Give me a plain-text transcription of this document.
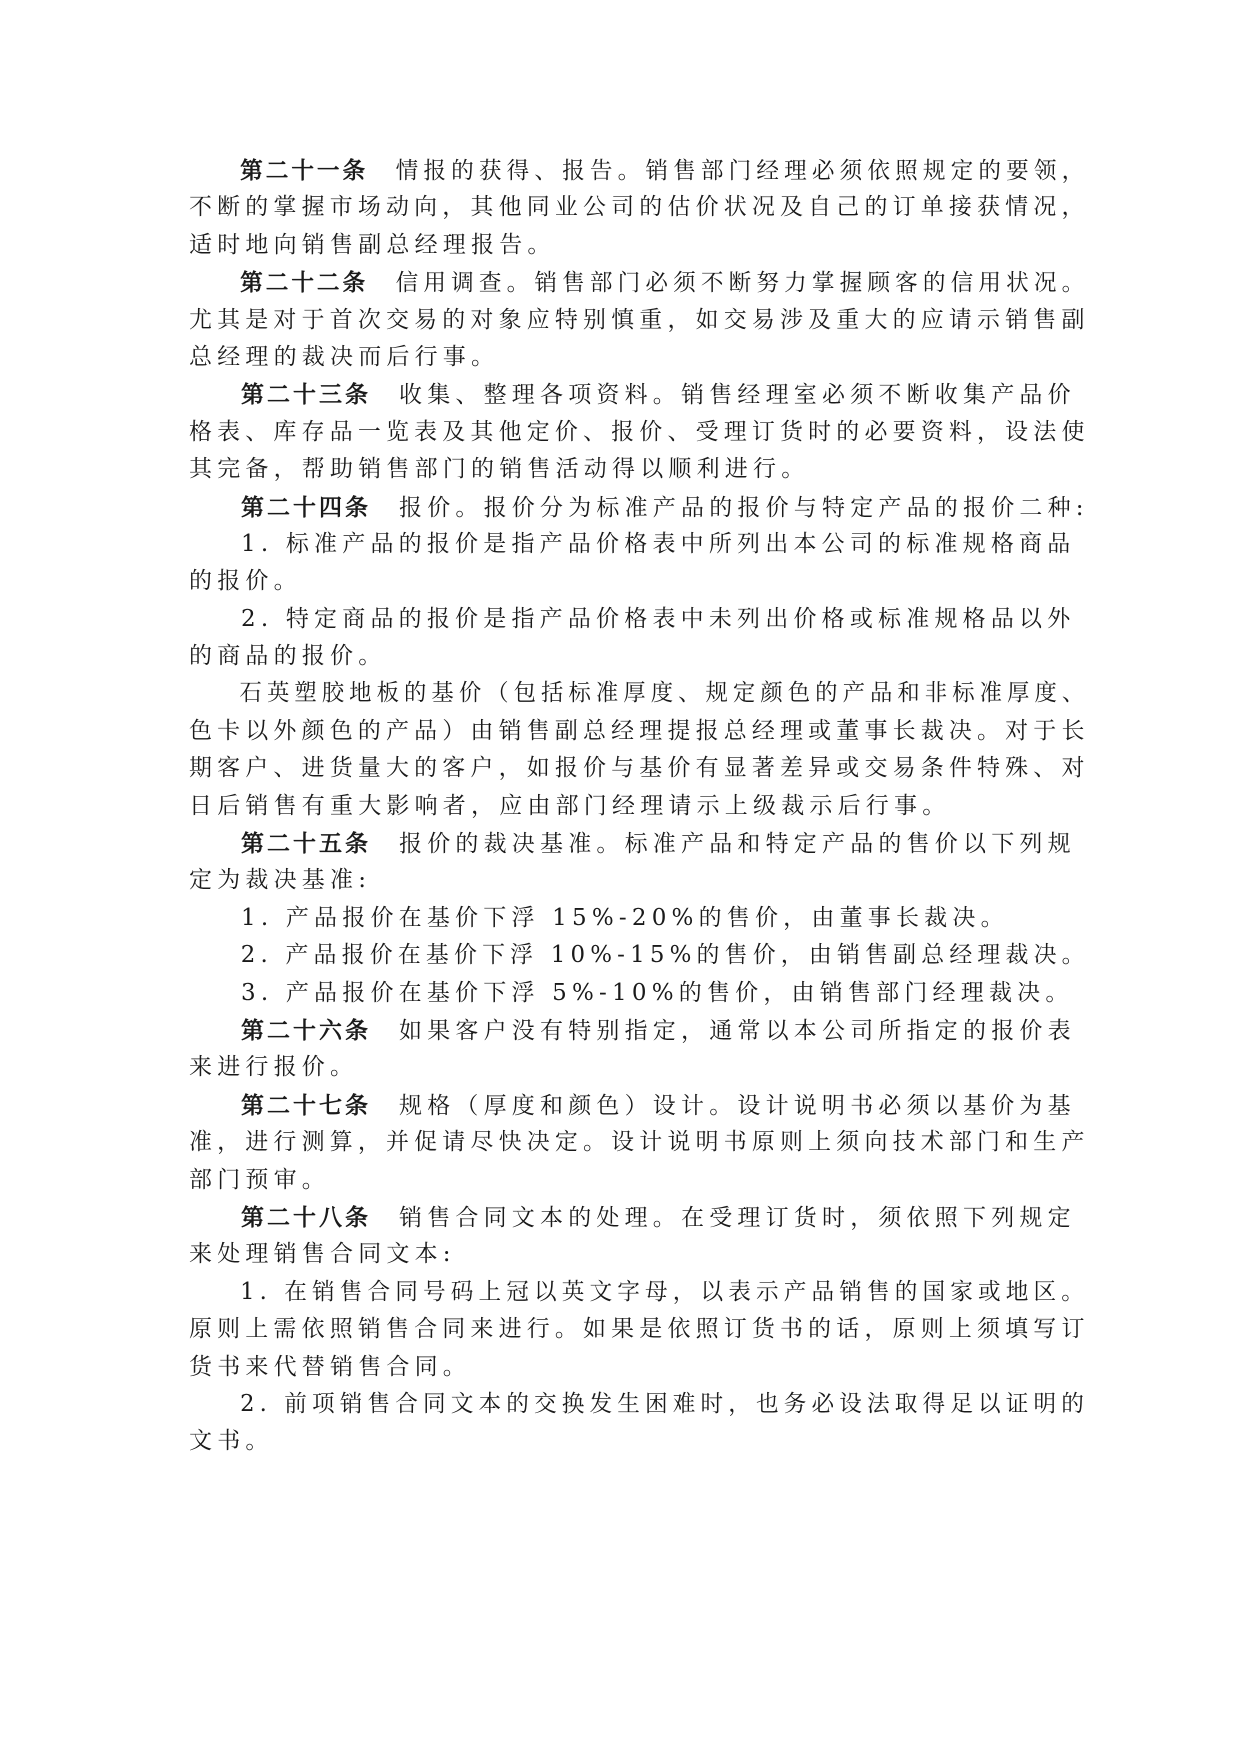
第二十一条 情报的获得、报告。销售部门经理必须依照规定的要领，
不断的掌握市场动向，其他同业公司的估价状况及自己的订单接获情况，
适时地向销售副总经理报告。
第二十二条 信用调查。销售部门必须不断努力掌握顾客的信用状况。
尤其是对于首次交易的对象应特别慎重，如交易涉及重大的应请示销售副
总经理的裁决而后行事。
第二十三条 收集、整理各项资料。销售经理室必须不断收集产品价
格表、库存品一览表及其他定价、报价、受理订货时的必要资料，设法使
其完备，帮助销售部门的销售活动得以顺利进行。
第二十四条 报价。报价分为标准产品的报价与特定产品的报价二种:
1. 标准产品的报价是指产品价格表中所列出本公司的标准规格商品
的报价。
2. 特定商品的报价是指产品价格表中未列出价格或标准规格品以外
的商品的报价。
石英塑胶地板的基价（包括标准厚度、规定颜色的产品和非标准厚度、
色卡以外颜色的产品）由销售副总经理提报总经理或董事长裁决。对于长
期客户、进货量大的客户，如报价与基价有显著差异或交易条件特殊、对
日后销售有重大影响者，应由部门经理请示上级裁示后行事。
第二十五条 报价的裁决基准。标准产品和特定产品的售价以下列规
定为裁决基准:
1. 产品报价在基价下浮 15%-20%的售价，由董事长裁决。
2. 产品报价在基价下浮 10%-15%的售价，由销售副总经理裁决。
3. 产品报价在基价下浮 5%-10%的售价，由销售部门经理裁决。
第二十六条 如果客户没有特别指定，通常以本公司所指定的报价表
来进行报价。
第二十七条 规格（厚度和颜色）设计。设计说明书必须以基价为基
准，进行测算，并促请尽快决定。设计说明书原则上须向技术部门和生产
部门预审。
第二十八条 销售合同文本的处理。在受理订货时，须依照下列规定
来处理销售合同文本:
1. 在销售合同号码上冠以英文字母，以表示产品销售的国家或地区。
原则上需依照销售合同来进行。如果是依照订货书的话，原则上须填写订
货书来代替销售合同。
2. 前项销售合同文本的交换发生困难时，也务必设法取得足以证明的
文书。
